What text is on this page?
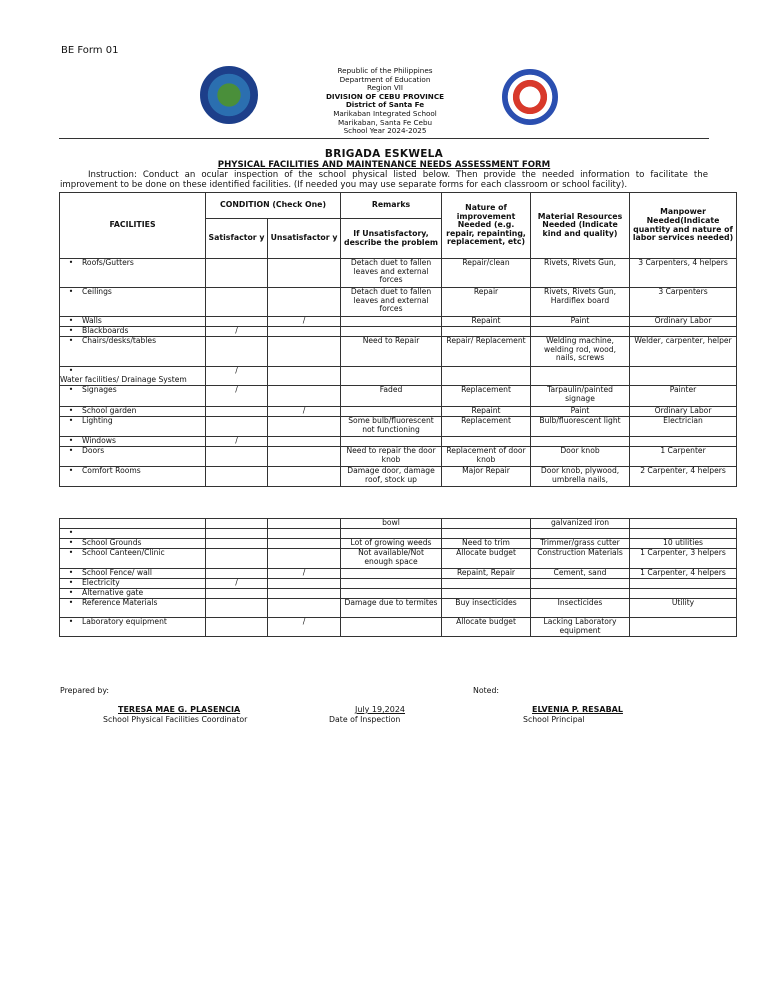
BE Form 01
Republic of the Philippines
Department of Education
Region VII
DIVISION OF CEBU PROVINCE
District of Santa Fe
Marikaban Integrated School
Marikaban, Santa Fe Cebu
School Year 2024-2025
BRIGADA ESKWELA
PHYSICAL FACILITIES AND MAINTENANCE NEEDS ASSESSMENT FORM
Instruction: Conduct an ocular inspection of the school physical listed below. Then provide the needed information to facilitate the improvement to be done on these identified facilities. (If needed you may use separate forms for each classroom or school facility).
FACILITIES	CONDITION (Check One)		Remarks	Nature of improvement Needed (e.g. repair, repainting, replacement, etc)	Material Resources Needed (Indicate kind and quality)	Manpower Needed(Indicate quantity and nature of labor services needed)
	Satisfactor y	Unsatisfactor y	If Unsatisfactory, describe the problem			
• Roofs/Gutters			Detach duet to fallen leaves and external forces	Repair/clean	Rivets, Rivets Gun,	3 Carpenters, 4 helpers
• Ceilings			Detach duet to fallen leaves and external forces	Repair	Rivets, Rivets Gun, Hardiflex board	3 Carpenters
• Walls		/		Repaint	Paint	Ordinary Labor
• Blackboards	/					
• Chairs/desks/tables			Need to Repair	Repair/ Replacement	Welding machine, welding rod, wood, nails, screws	Welder, carpenter, helper
•Water facilities/ Drainage System	/					
• Signages	/		Faded	Replacement	Tarpaulin/painted signage	Painter
• School garden		/		Repaint	Paint	Ordinary Labor
• Lighting			Some bulb/fluorescent not functioning	Replacement	Bulb/fluorescent light	Electrician
• Windows	/					
• Doors			Need to repair the door knob	Replacement of door knob	Door knob	1 Carpenter
• Comfort Rooms			Damage door, damage roof, stock up	Major Repair	Door knob, plywood, umbrella nails,	2 Carpenter, 4 helpers
			bowl		galvanized iron	
•						
• School Grounds			Lot of growing weeds	Need to trim	Trimmer/grass cutter	10 utilities
• School Canteen/Clinic			Not available/Not enough space	Allocate budget	Construction Materials	1 Carpenter, 3 helpers
• School Fence/ wall		/		Repaint, Repair	Cement, sand	1 Carpenter, 4 helpers
• Electricity	/					
• Alternative gate						
• Reference Materials			Damage due to termites	Buy insecticides	Insecticides	Utility
• Laboratory equipment		/		Allocate budget	Lacking Laboratory equipment	
Prepared by:	Noted:
TERESA MAE G. PLASENCIA
School Physical Facilities Coordinator
July 19,2024
Date of Inspection
ELVENIA P. RESABAL
School Principal
